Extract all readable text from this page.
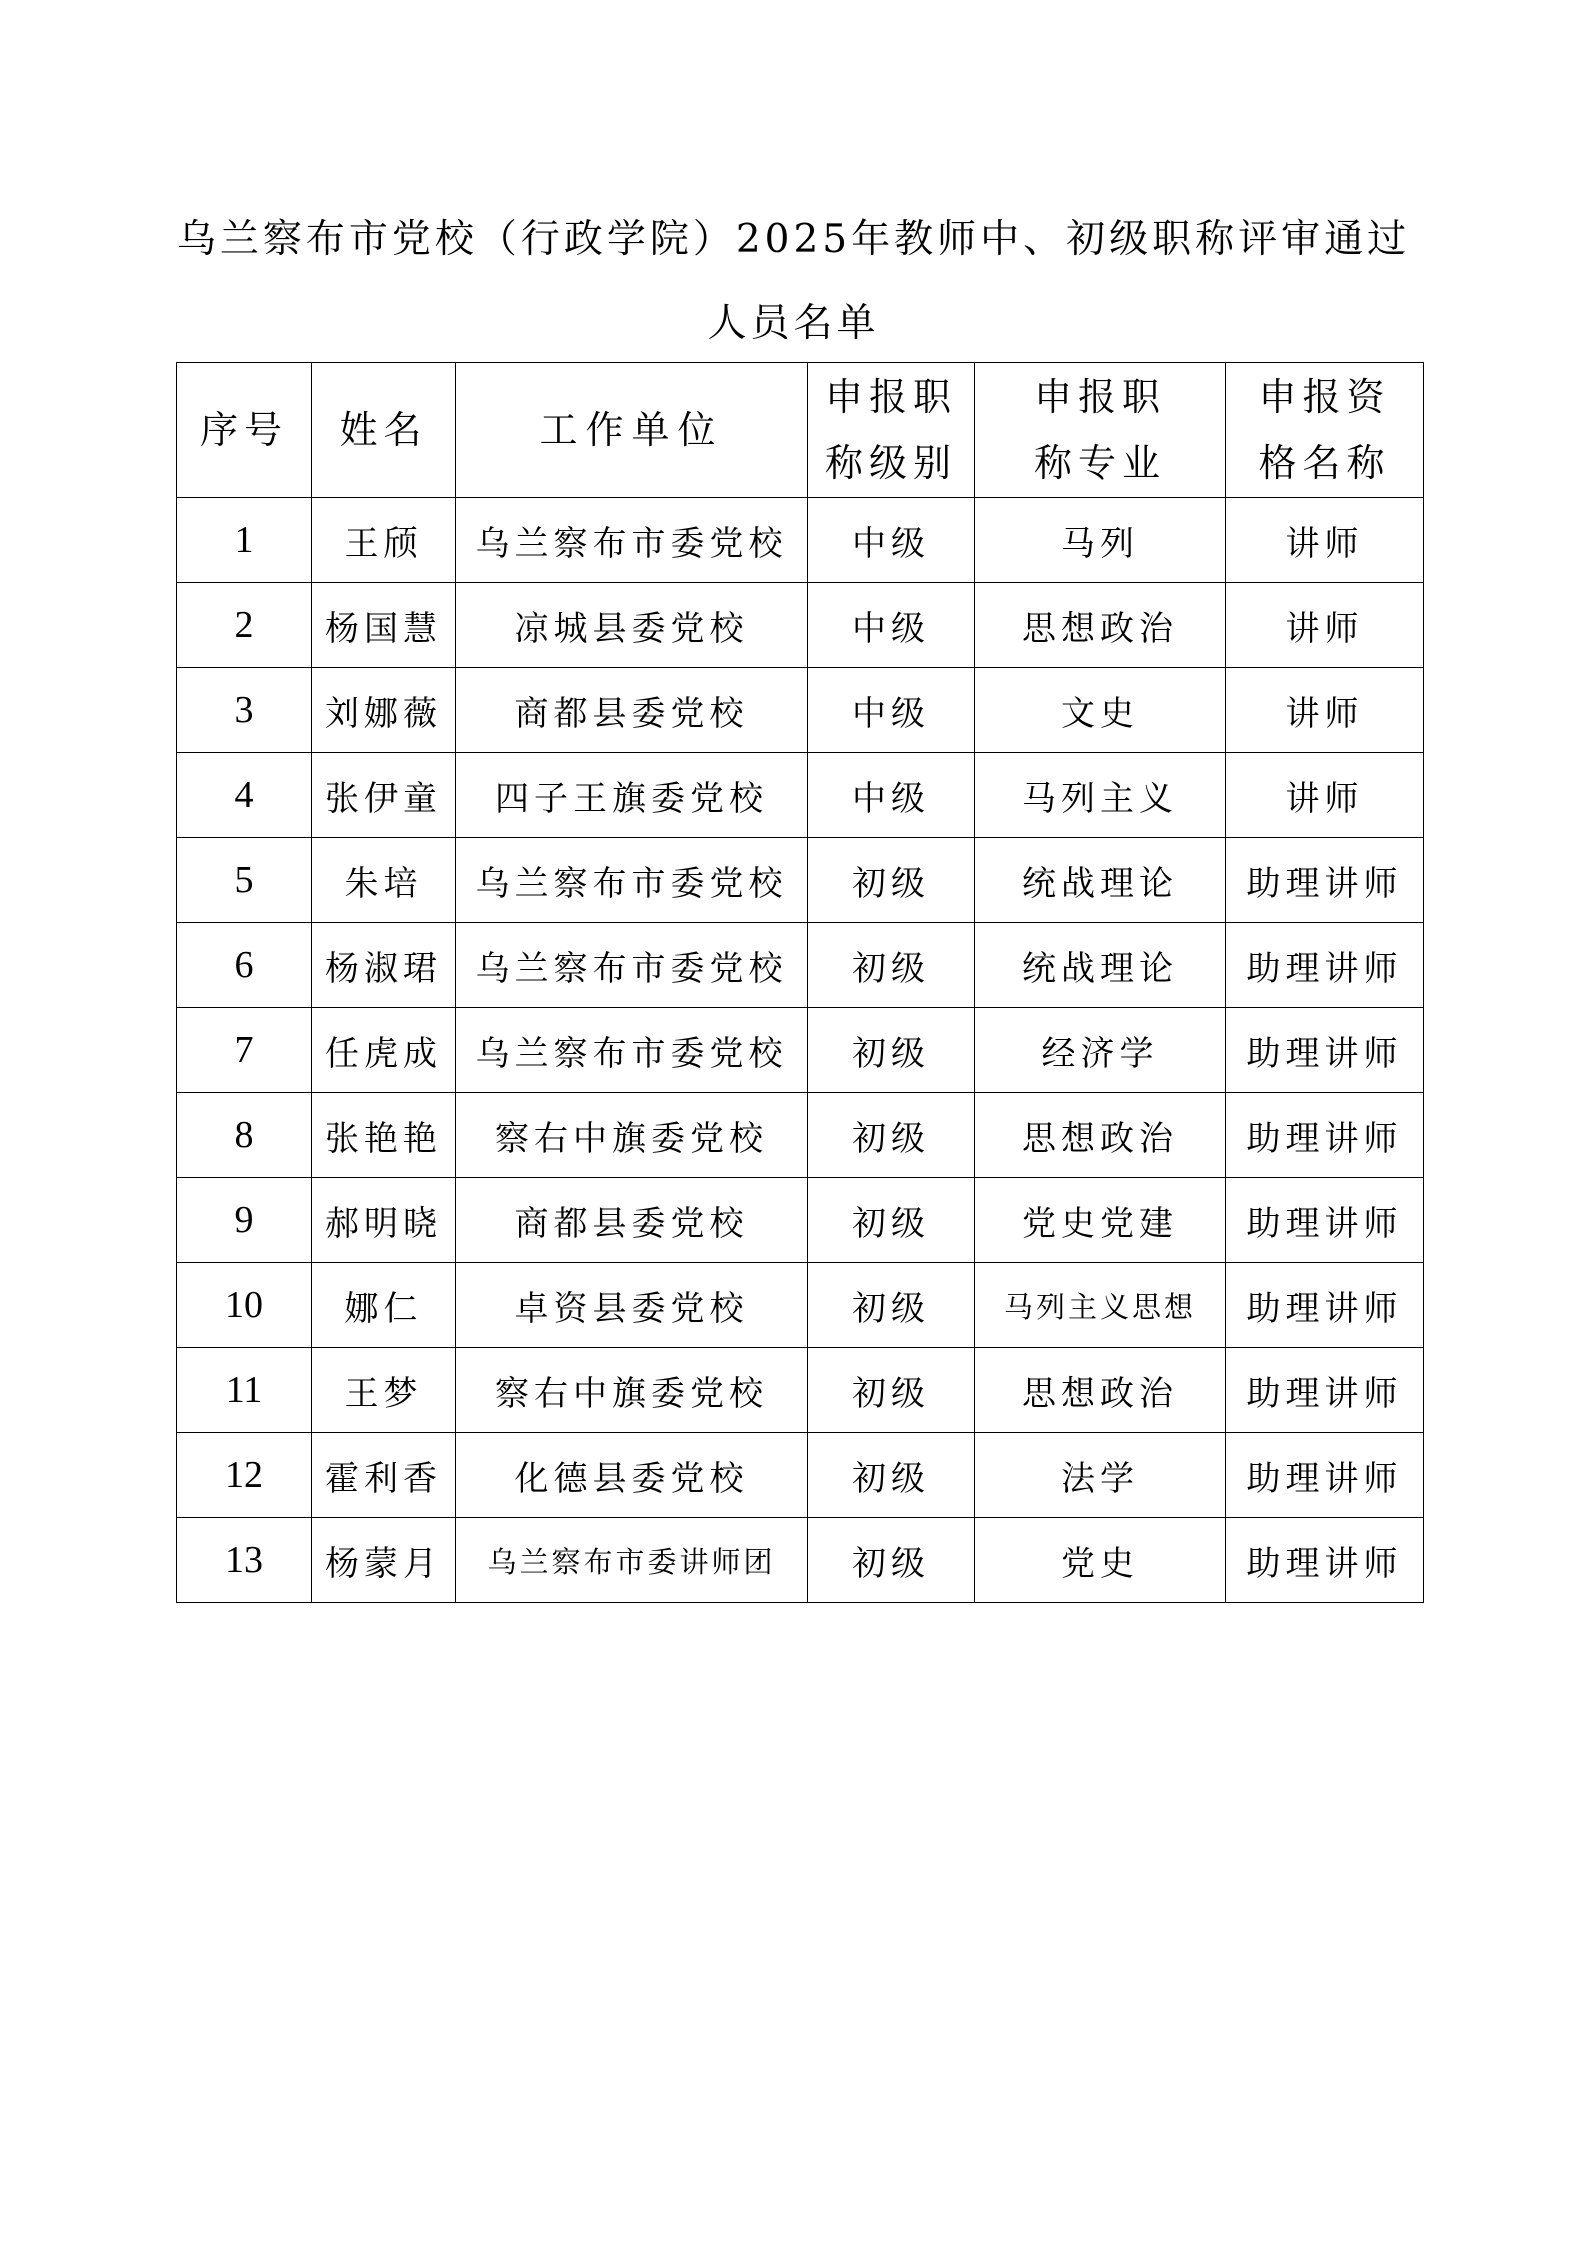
乌兰察布市党校（行政学院）2025年教师中、初级职称评审通过
人员名单
序号	姓名	工作单位	申报职称级别	申报职称专业	申报资格名称
1	王颀	乌兰察布市委党校	中级	马列	讲师
2	杨国慧	凉城县委党校	中级	思想政治	讲师
3	刘娜薇	商都县委党校	中级	文史	讲师
4	张伊童	四子王旗委党校	中级	马列主义	讲师
5	朱培	乌兰察布市委党校	初级	统战理论	助理讲师
6	杨淑珺	乌兰察布市委党校	初级	统战理论	助理讲师
7	任虎成	乌兰察布市委党校	初级	经济学	助理讲师
8	张艳艳	察右中旗委党校	初级	思想政治	助理讲师
9	郝明晓	商都县委党校	初级	党史党建	助理讲师
10	娜仁	卓资县委党校	初级	马列主义思想	助理讲师
11	王梦	察右中旗委党校	初级	思想政治	助理讲师
12	霍利香	化德县委党校	初级	法学	助理讲师
13	杨蒙月	乌兰察布市委讲师团	初级	党史	助理讲师
